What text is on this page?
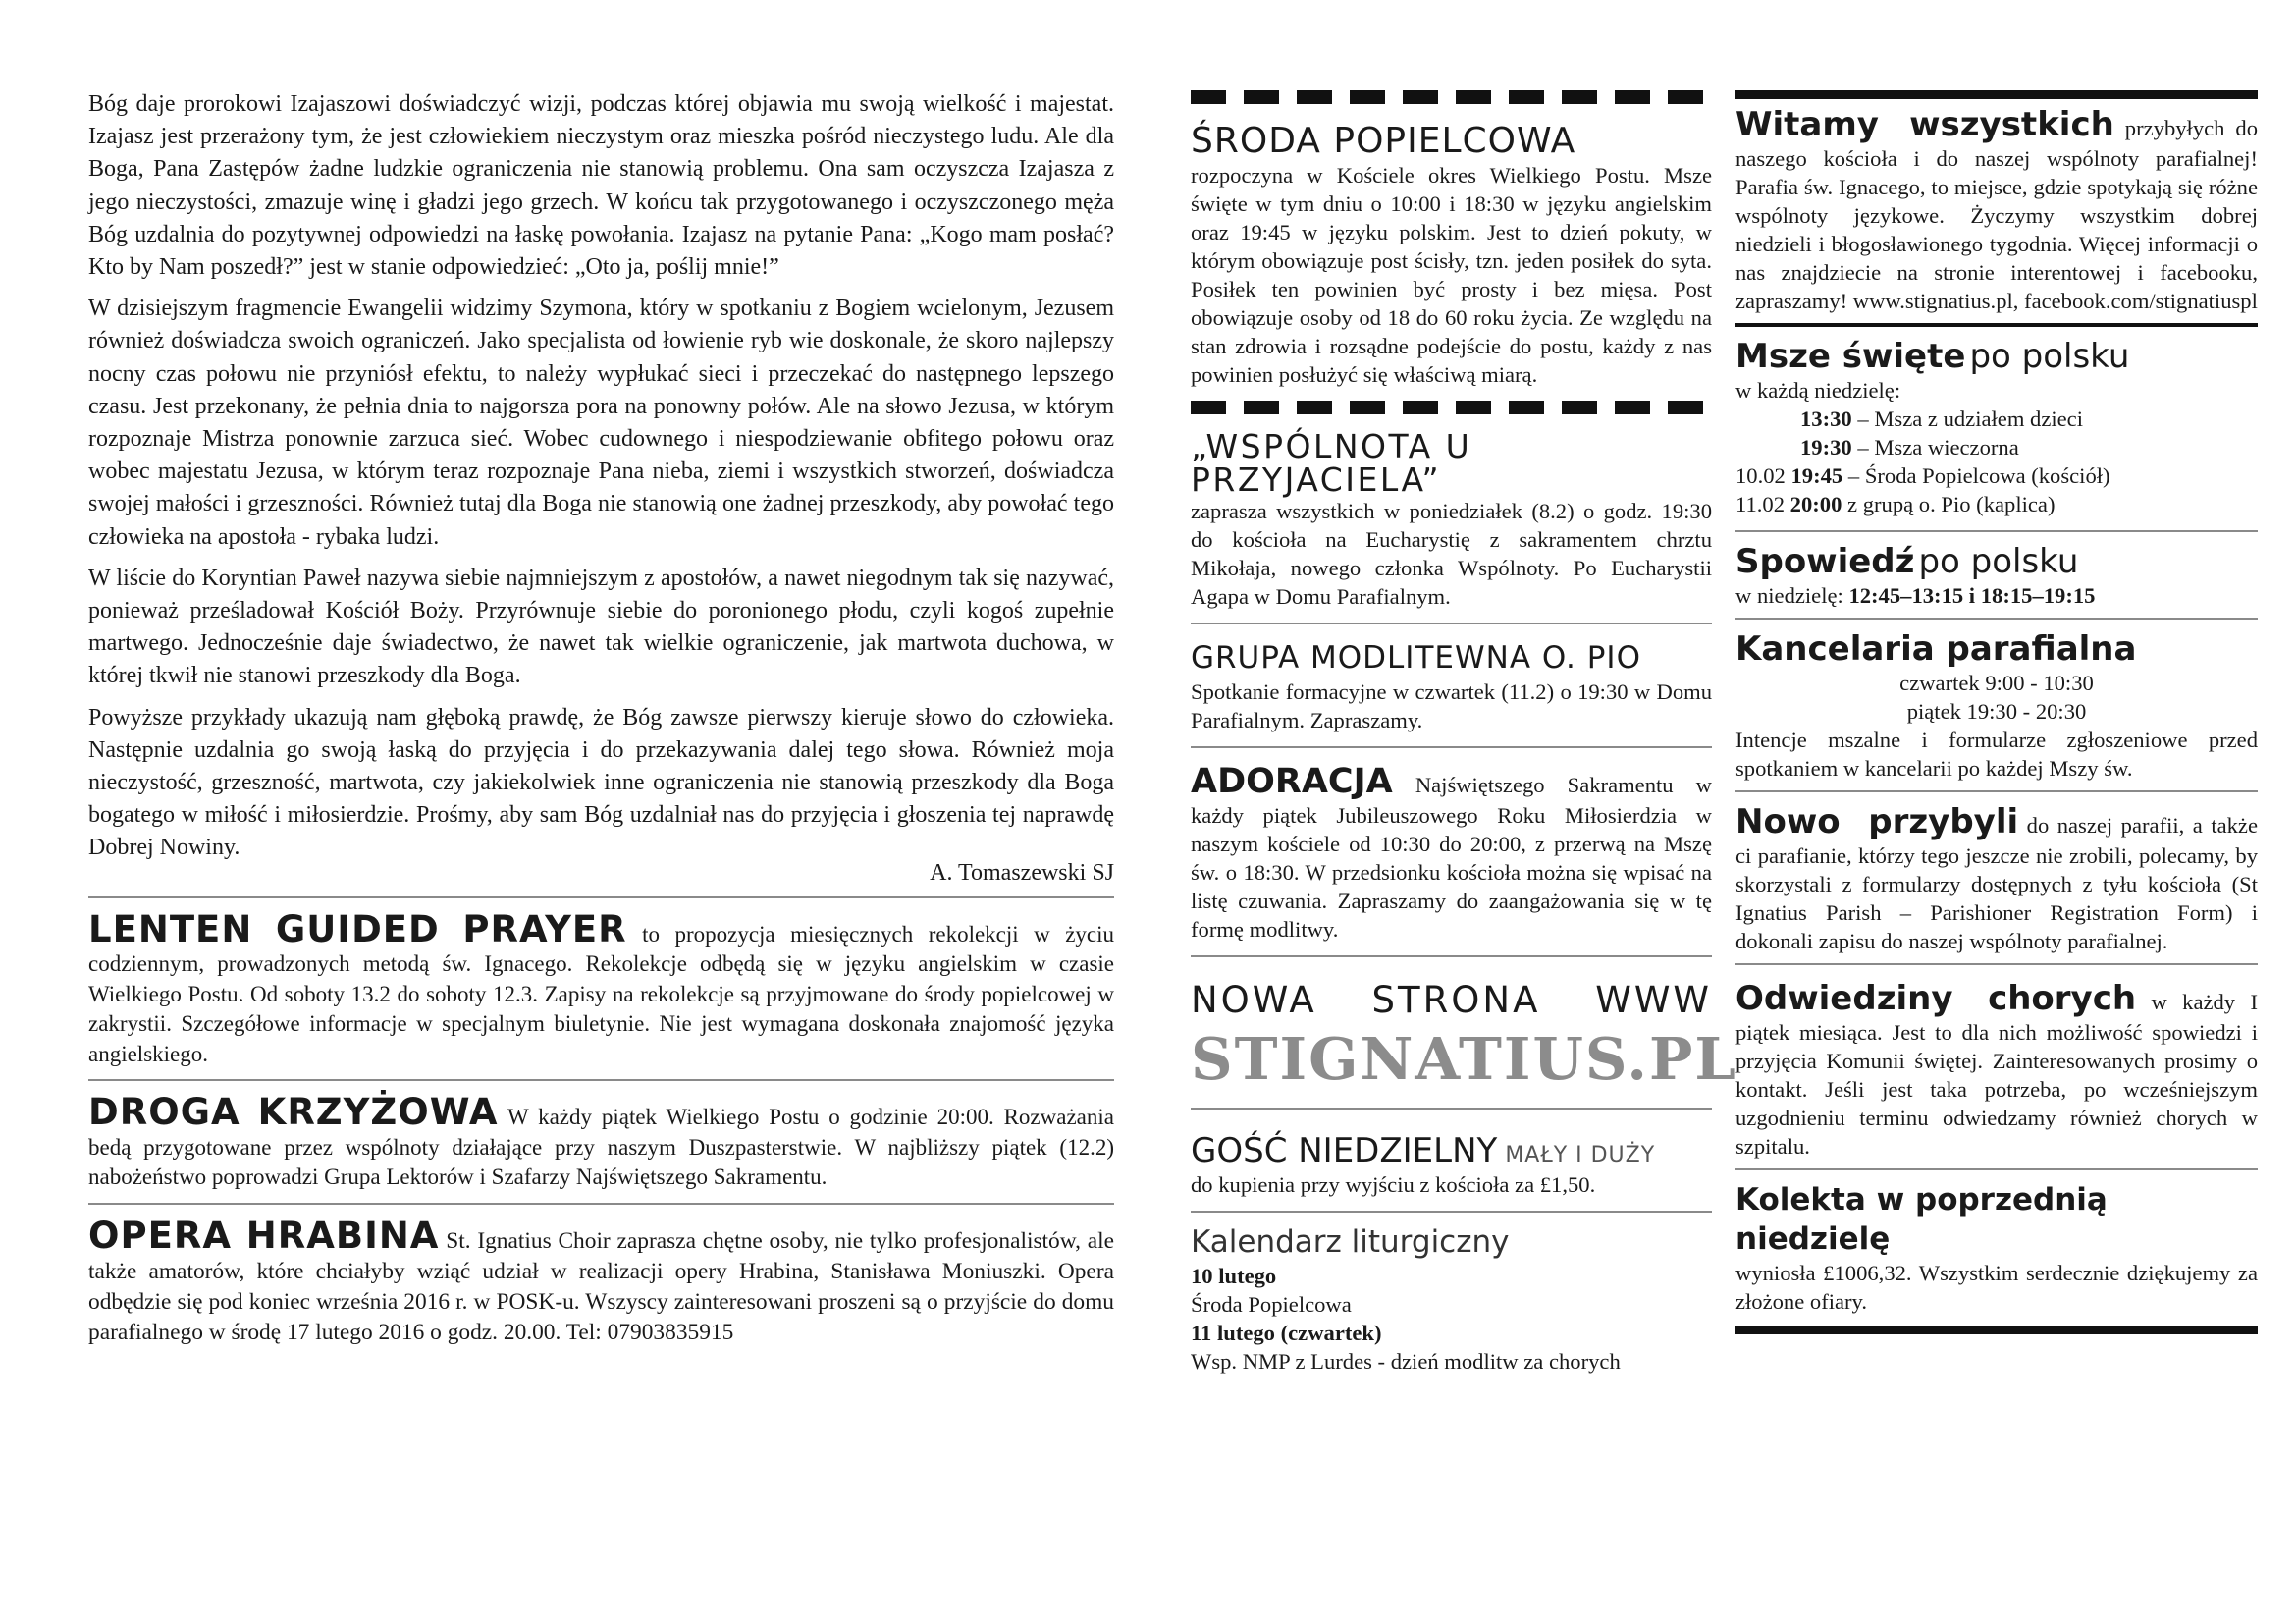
Bóg daje prorokowi Izajaszowi doświadczyć wizji, podczas której objawia mu swoją wielkość i majestat. Izajasz jest przerażony tym, że jest człowiekiem nieczystym oraz mieszka pośród nieczystego ludu. Ale dla Boga, Pana Zastępów żadne ludzkie ograniczenia nie stanowią problemu. Ona sam oczyszcza Izajasza z jego nieczystości, zmazuje winę i gładzi jego grzech. W końcu tak przygotowanego i oczyszczonego męża Bóg uzdalnia do pozytywnej odpowiedzi na łaskę powołania. Izajasz na pytanie Pana: „Kogo mam posłać? Kto by Nam poszedł?” jest w stanie odpowiedzieć: „Oto ja, poślij mnie!”

W dzisiejszym fragmencie Ewangelii widzimy Szymona, który w spotkaniu z Bogiem wcielonym, Jezusem również doświadcza swoich ograniczeń. Jako specjalista od łowienie ryb wie doskonale, że skoro najlepszy nocny czas połowu nie przyniósł efektu, to należy wypłukać sieci i przeczekać do następnego lepszego czasu. Jest przekonany, że pełnia dnia to najgorsza pora na ponowny połów. Ale na słowo Jezusa, w którym rozpoznaje Mistrza ponownie zarzuca sieć. Wobec cudownego i niespodziewanie obfitego połowu oraz wobec majestatu Jezusa, w którym teraz rozpoznaje Pana nieba, ziemi i wszystkich stworzeń, doświadcza swojej małości i grzeszności. Również tutaj dla Boga nie stanowią one żadnej przeszkody, aby powołać tego człowieka na apostoła - rybaka ludzi.

W liście do Koryntian Paweł nazywa siebie najmniejszym z apostołów, a nawet niegodnym tak się nazywać, ponieważ prześladował Kościół Boży. Przyrównuje siebie do poronionego płodu, czyli kogoś zupełnie martwego. Jednocześnie daje świadectwo, że nawet tak wielkie ograniczenie, jak martwota duchowa, w której tkwił nie stanowi przeszkody dla Boga.

Powyższe przykłady ukazują nam głęboką prawdę, że Bóg zawsze pierwszy kieruje słowo do człowieka. Następnie uzdalnia go swoją łaską do przyjęcia i do przekazywania dalej tego słowa. Również moja nieczystość, grzeszność, martwota, czy jakiekolwiek inne ograniczenia nie stanowią przeszkody dla Boga bogatego w miłość i miłosierdzie. Prośmy, aby sam Bóg uzdalniał nas do przyjęcia i głoszenia tej naprawdę Dobrej Nowiny.

A. Tomaszewski SJ
LENTEN GUIDED PRAYER to propozycja miesięcznych rekolekcji w życiu codziennym, prowadzonych metodą św. Ignacego. Rekolekcje odbędą się w języku angielskim w czasie Wielkiego Postu. Od soboty 13.2 do soboty 12.3. Zapisy na rekolekcje są przyjmowane do środy popielcowej w zakrystii. Szczegółowe informacje w specjalnym biuletynie. Nie jest wymagana doskonała znajomość języka angielskiego.
DROGA KRZYŻOWA W każdy piątek Wielkiego Postu o godzinie 20:00. Rozważania bedą przygotowane przez wspólnoty działające przy naszym Duszpasterstwie. W najbliższy piątek (12.2) nabożeństwo poprowadzi Grupa Lektorów i Szafarzy Najświętszego Sakramentu.
OPERA HRABINA St. Ignatius Choir zaprasza chętne osoby, nie tylko profesjonalistów, ale także amatorów, które chciałyby wziąć udział w realizacji opery Hrabina, Stanisława Moniuszki. Opera odbędzie się pod koniec września 2016 r. w POSK-u. Wszyscy zainteresowani proszeni są o przyjście do domu parafialnego w środę 17 lutego 2016 o godz. 20.00. Tel: 07903835915
ŚRODA POPIELCOWA
rozpoczyna w Kościele okres Wielkiego Postu. Msze święte w tym dniu o 10:00 i 18:30 w języku angielskim oraz 19:45 w języku polskim. Jest to dzień pokuty, w którym obowiązuje post ścisły, tzn. jeden posiłek do syta. Posiłek ten powinien być prosty i bez mięsa. Post obowiązuje osoby od 18 do 60 roku życia. Ze względu na stan zdrowia i rozsądne podejście do postu, każdy z nas powinien posłużyć się właściwą miarą.
„WSPÓLNOTA U PRZYJACIELA”
zaprasza wszystkich w poniedziałek (8.2) o godz. 19:30 do kościoła na Eucharystię z sakramentem chrztu Mikołaja, nowego członka Wspólnoty. Po Eucharystii Agapa w Domu Parafialnym.
GRUPA MODLITEWNA O. PIO
Spotkanie formacyjne w czwartek (11.2) o 19:30 w Domu Parafialnym. Zapraszamy.
ADORACJA Najświętszego Sakramentu w każdy piątek Jubileuszowego Roku Miłosierdzia w naszym kościele od 10:30 do 20:00, z przerwą na Mszę św. o 18:30. W przedsionku kościoła można się wpisać na listę czuwania. Zapraszamy do zaangażowania się w tę formę modlitwy.
NOWA STRONA WWW
STIGNATIUS.PL
GOŚĆ NIEDZIELNY MAŁY I DUŻY
do kupienia przy wyjściu z kościoła za £1,50.
Kalendarz liturgiczny
10 lutego
Środa Popielcowa
11 lutego (czwartek)
Wsp. NMP z Lurdes - dzień modlitw za chorych
Witamy wszystkich przybyłych do naszego kościoła i do naszej wspólnoty parafialnej! Parafia św. Ignacego, to miejsce, gdzie spotykają się różne wspólnoty językowe. Życzymy wszystkim dobrej niedzieli i błogosławionego tygodnia. Więcej informacji o nas znajdziecie na stronie interentowej i facebooku, zapraszamy! www.stignatius.pl, facebook.com/stignatiuspl
Msze święte po polsku
w każdą niedzielę:
13:30 – Msza z udziałem dzieci
19:30 – Msza wieczorna
10.02 19:45 – Środa Popielcowa (kościół)
11.02 20:00 z grupą o. Pio (kaplica)
Spowiedź po polsku
w niedzielę: 12:45–13:15 i 18:15–19:15
Kancelaria parafialna
czwartek 9:00 - 10:30
piątek 19:30 - 20:30
Intencje mszalne i formularze zgłoszeniowe przed spotkaniem w kancelarii po każdej Mszy św.
Nowo przybyli do naszej parafii, a także ci parafianie, którzy tego jeszcze nie zrobili, polecamy, by skorzystali z formularzy dostępnych z tyłu kościoła (St Ignatius Parish – Parishioner Registration Form) i dokonali zapisu do naszej wspólnoty parafialnej.
Odwiedziny chorych w każdy I piątek miesiąca. Jest to dla nich możliwość spowiedzi i przyjęcia Komunii świętej. Zainteresowanych prosimy o kontakt. Jeśli jest taka potrzeba, po wcześniejszym uzgodnieniu terminu odwiedzamy również chorych w szpitalu.
Kolekta w poprzednią niedzielę
wyniosła £1006,32. Wszystkim serdecznie dziękujemy za złożone ofiary.
